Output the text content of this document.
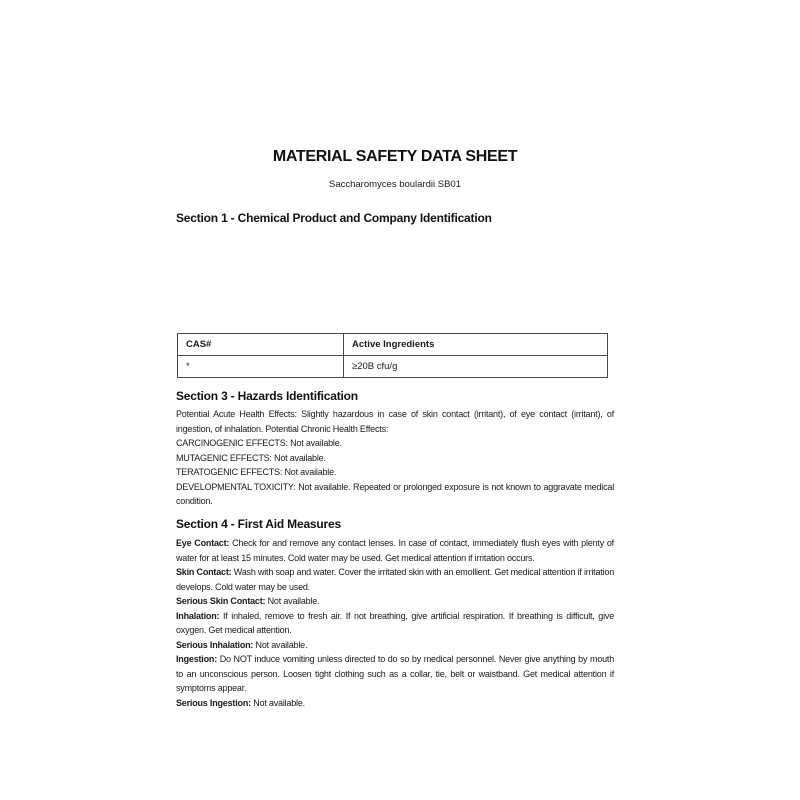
MATERIAL SAFETY DATA SHEET
Saccharomyces boulardii SB01
Section 1 - Chemical Product and Company Identification
CAS#	Active Ingredients
*	≥20B cfu/g
Section 3 - Hazards Identification

Potential Acute Health Effects: Slightly hazardous in case of skin contact (irritant), of eye contact (irritant), of ingestion, of inhalation. Potential Chronic Health Effects:

CARCINOGENIC EFFECTS: Not available.

MUTAGENIC EFFECTS: Not available.

TERATOGENIC EFFECTS: Not available.

DEVELOPMENTAL TOXICITY: Not available. Repeated or prolonged exposure is not known to aggravate medical condition.

Section 4 - First Aid Measures

Eye Contact: Check for and remove any contact lenses. In case of contact, immediately flush eyes with plenty of water for at least 15 minutes. Cold water may be used. Get medical attention if irritation occurs.

Skin Contact: Wash with soap and water. Cover the irritated skin with an emollient. Get medical attention if irritation develops. Cold water may be used.

Serious Skin Contact: Not available.

Inhalation: If inhaled, remove to fresh air. If not breathing, give artificial respiration. If breathing is difficult, give oxygen. Get medical attention.

Serious Inhalation: Not available.

Ingestion: Do NOT induce vomiting unless directed to do so by medical personnel. Never give anything by mouth to an unconscious person. Loosen tight clothing such as a collar, tie, belt or waistband. Get medical attention if symptoms appear.

Serious Ingestion: Not available.
